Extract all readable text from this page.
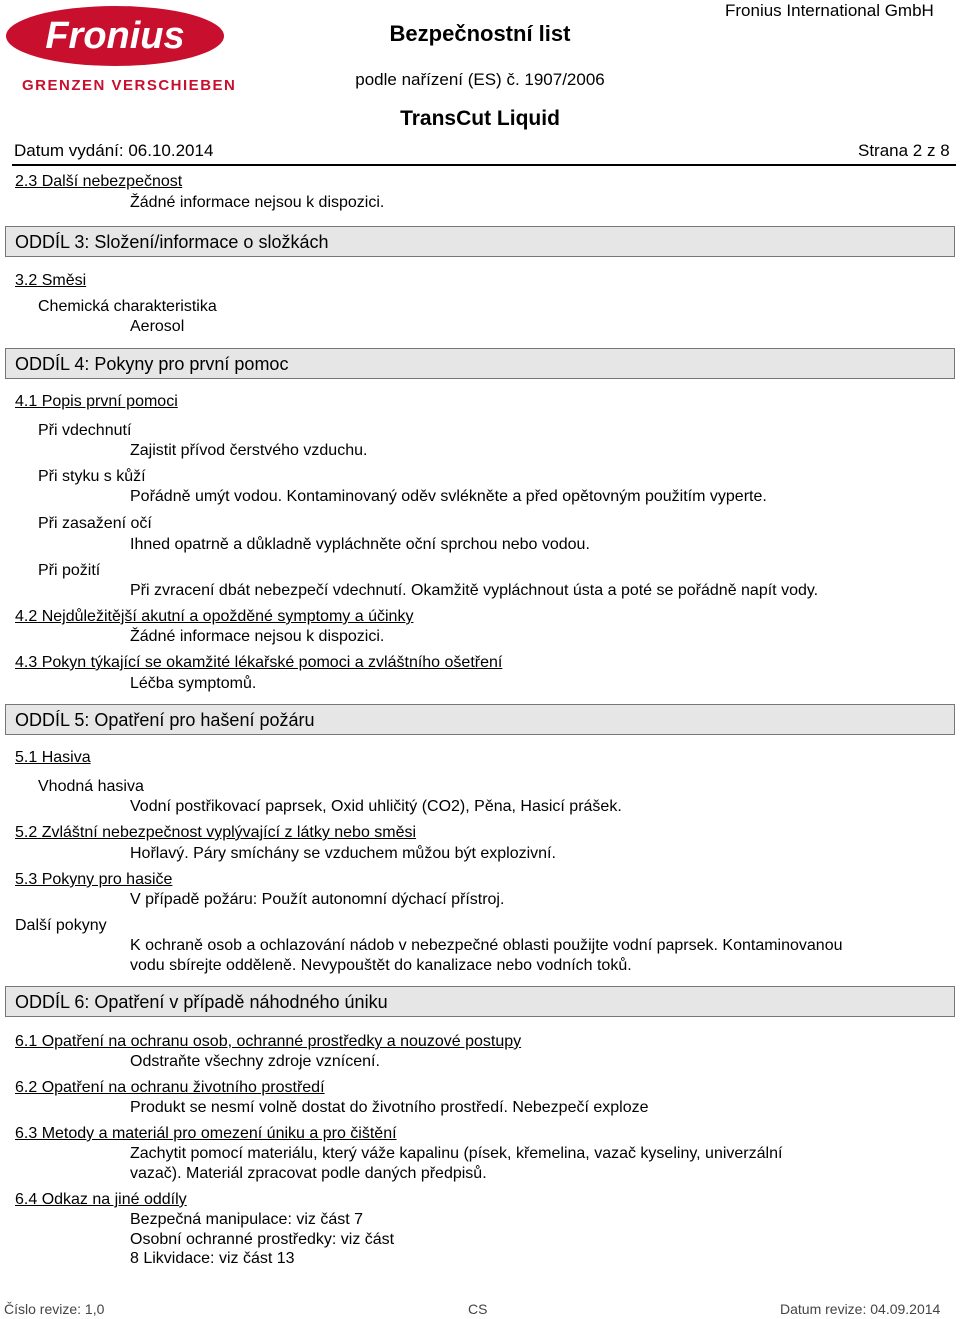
Fronius
GRENZEN VERSCHIEBEN
Bezpečnostní list
Fronius International GmbH
podle nařízení (ES) č. 1907/2006
TransCut Liquid
Datum vydání: 06.10.2014	Strana 2 z 8
2.3 Další nebezpečnost
Žádné informace nejsou k dispozici.
ODDÍL 3: Složení/informace o složkách
3.2 Směsi
Chemická charakteristika
Aerosol
ODDÍL 4: Pokyny pro první pomoc
4.1 Popis první pomoci
Při vdechnutí
Zajistit přívod čerstvého vzduchu.
Při styku s kůží
Pořádně umýt vodou. Kontaminovaný oděv svlékněte a před opětovným použitím vyperte.
Při zasažení očí
Ihned opatrně a důkladně vypláchněte oční sprchou nebo vodou.
Při požití
Při zvracení dbát nebezpečí vdechnutí. Okamžitě vypláchnout ústa a poté se pořádně napít vody.
4.2 Nejdůležitější akutní a opožděné symptomy a účinky
Žádné informace nejsou k dispozici.
4.3 Pokyn týkající se okamžité lékařské pomoci a zvláštního ošetření
Léčba symptomů.
ODDÍL 5: Opatření pro hašení požáru
5.1 Hasiva
Vhodná hasiva
Vodní postřikovací paprsek, Oxid uhličitý (CO2), Pěna, Hasicí prášek.
5.2 Zvláštní nebezpečnost vyplývající z látky nebo směsi
Hořlavý. Páry smíchány se vzduchem můžou být explozivní.
5.3 Pokyny pro hasiče
V případě požáru: Použít autonomní dýchací přístroj.
Další pokyny
K ochraně osob a ochlazování nádob v nebezpečné oblasti použijte vodní paprsek. Kontaminovanou
vodu sbírejte odděleně. Nevypouštět do kanalizace nebo vodních toků.
ODDÍL 6: Opatření v případě náhodného úniku
6.1 Opatření na ochranu osob, ochranné prostředky a nouzové postupy
Odstraňte všechny zdroje vznícení.
6.2 Opatření na ochranu životního prostředí
Produkt se nesmí volně dostat do životního prostředí. Nebezpečí exploze
6.3 Metody a materiál pro omezení úniku a pro čištění
Zachytit pomocí materiálu, který váže kapalinu (písek, křemelina, vazač kyseliny, univerzální
vazač). Materiál zpracovat podle daných předpisů.
6.4 Odkaz na jiné oddíly
Bezpečná manipulace: viz část 7
Osobní ochranné prostředky: viz část
8 Likvidace: viz část 13
Číslo revize: 1,0	CS	Datum revize: 04.09.2014
